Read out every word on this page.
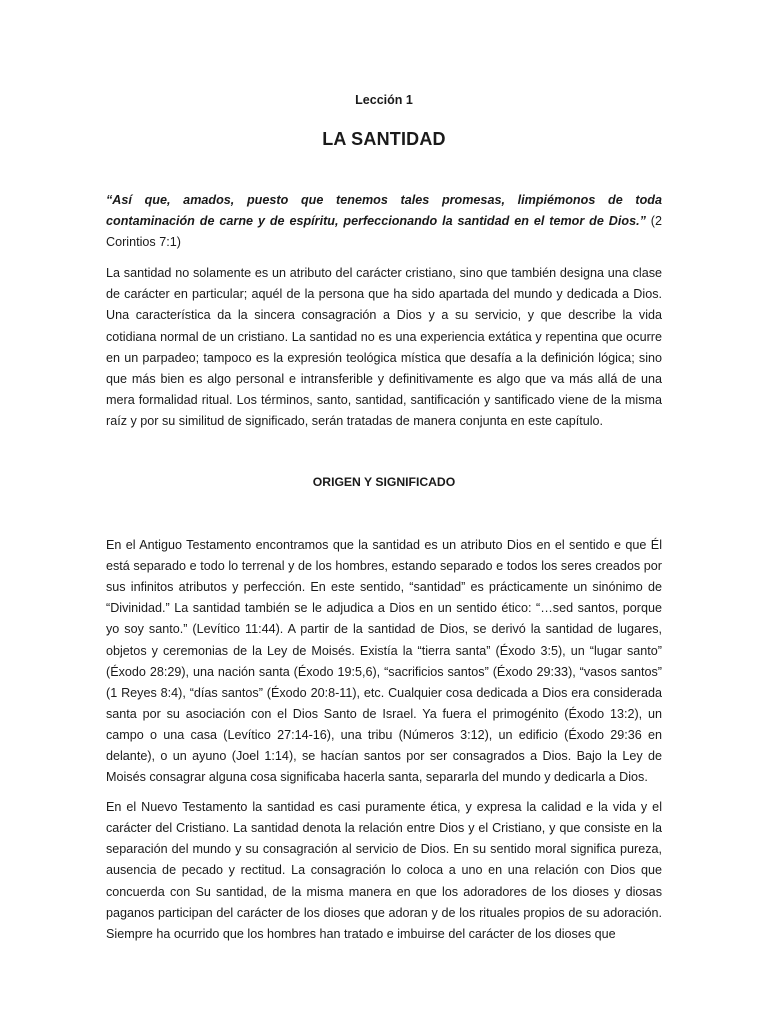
Lección 1

LA SANTIDAD

“Así que, amados, puesto que tenemos tales promesas, limpiémonos de toda contaminación de carne y de espíritu, perfeccionando la santidad en el temor de Dios.” (2 Corintios 7:1)

La santidad no solamente es un atributo del carácter cristiano, sino que también designa una clase de carácter en particular; aquél de la persona que ha sido apartada del mundo y dedicada a Dios. Una característica da la sincera consagración a Dios y a su servicio, y que describe la vida cotidiana normal de un cristiano. La santidad no es una experiencia extática y repentina que ocurre en un parpadeo; tampoco es la expresión teológica mística que desafía a la definición lógica; sino que más bien es algo personal e intransferible y definitivamente es algo que va más allá de una mera formalidad ritual. Los términos, santo, santidad, santificación y santificado viene de la misma raíz y por su similitud de significado, serán tratadas de manera conjunta en este capítulo.

ORIGEN Y SIGNIFICADO

En el Antiguo Testamento encontramos que la santidad es un atributo Dios en el sentido e que Él está separado e todo lo terrenal y de los hombres, estando separado e todos los seres creados por sus infinitos atributos y perfección. En este sentido, “santidad” es prácticamente un sinónimo de “Divinidad.” La santidad también se le adjudica a Dios en un sentido ético: “…sed santos, porque yo soy santo.” (Levítico 11:44). A partir de la santidad de Dios, se derivó la santidad de lugares, objetos y ceremonias de la Ley de Moisés. Existía la “tierra santa” (Éxodo 3:5), un “lugar santo” (Éxodo 28:29), una nación santa (Éxodo 19:5,6), “sacrificios santos” (Éxodo 29:33), “vasos santos” (1 Reyes 8:4), “días santos” (Éxodo 20:8-11), etc. Cualquier cosa dedicada a Dios era considerada santa por su asociación con el Dios Santo de Israel. Ya fuera el primogénito (Éxodo 13:2), un campo o una casa (Levítico 27:14-16), una tribu (Números 3:12), un edificio (Éxodo 29:36 en delante), o un ayuno (Joel 1:14), se hacían santos por ser consagrados a Dios. Bajo la Ley de Moisés consagrar alguna cosa significaba hacerla santa, separarla del mundo y dedicarla a Dios.

En el Nuevo Testamento la santidad es casi puramente ética, y expresa la calidad e la vida y el carácter del Cristiano. La santidad denota la relación entre Dios y el Cristiano, y que consiste en la separación del mundo y su consagración al servicio de Dios. En su sentido moral significa pureza, ausencia de pecado y rectitud. La consagración lo coloca a uno en una relación con Dios que concuerda con Su santidad, de la misma manera en que los adoradores de los dioses y diosas paganos participan del carácter de los dioses que adoran y de los rituales propios de su adoración. Siempre ha ocurrido que los hombres han tratado e imbuirse del carácter de los dioses que
